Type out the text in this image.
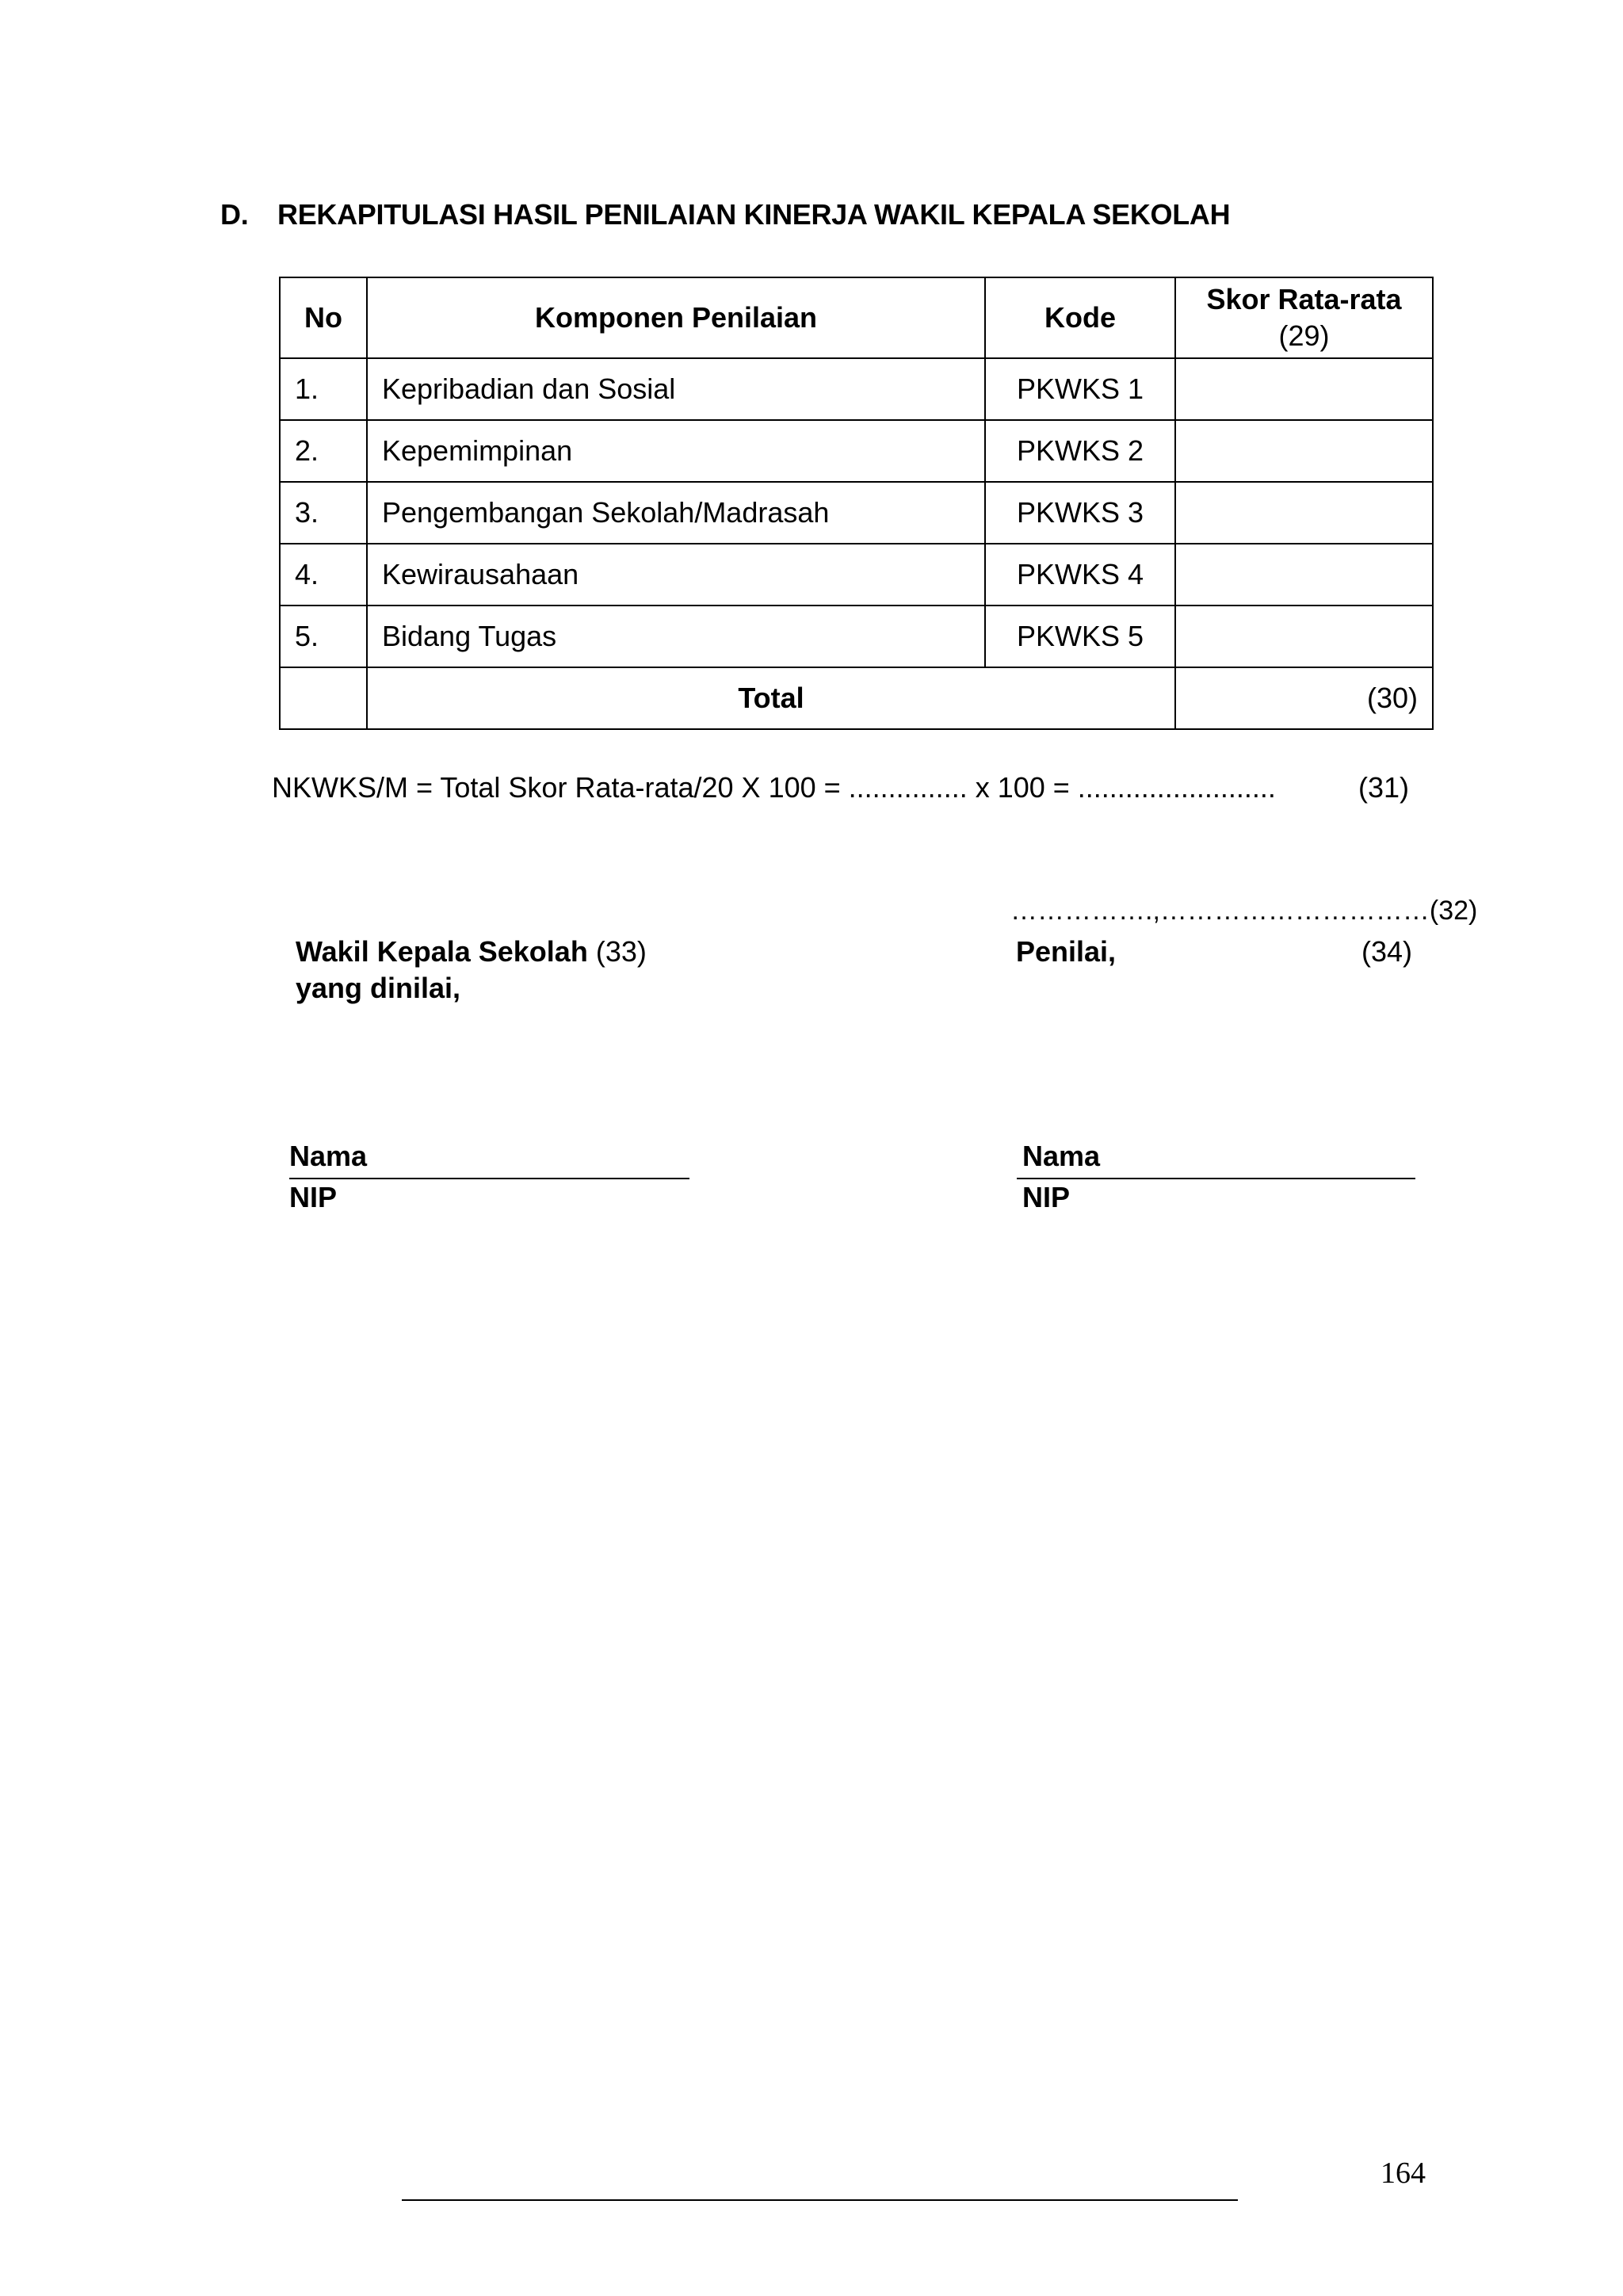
D. REKAPITULASI HASIL PENILAIAN KINERJA WAKIL KEPALA SEKOLAH
No	Komponen Penilaian	Kode	Skor Rata-rata
(29)

1.	Kepribadian dan Sosial	PKWKS 1	
2.	Kepemimpinan	PKWKS 2	
3.	Pengembangan Sekolah/Madrasah	PKWKS 3	
4.	Kewirausahaan	PKWKS 4	
5.	Bidang Tugas	PKWKS 5	
	Total		(30)
NKWKS/M = Total Skor Rata-rata/20 X 100 = ............... x 100 = .........................	(31)
…………….,………………………… (32)
Wakil Kepala Sekolah (33)
yang dinilai,
Penilai,	(34)
Nama
NIP
Nama
NIP
164
